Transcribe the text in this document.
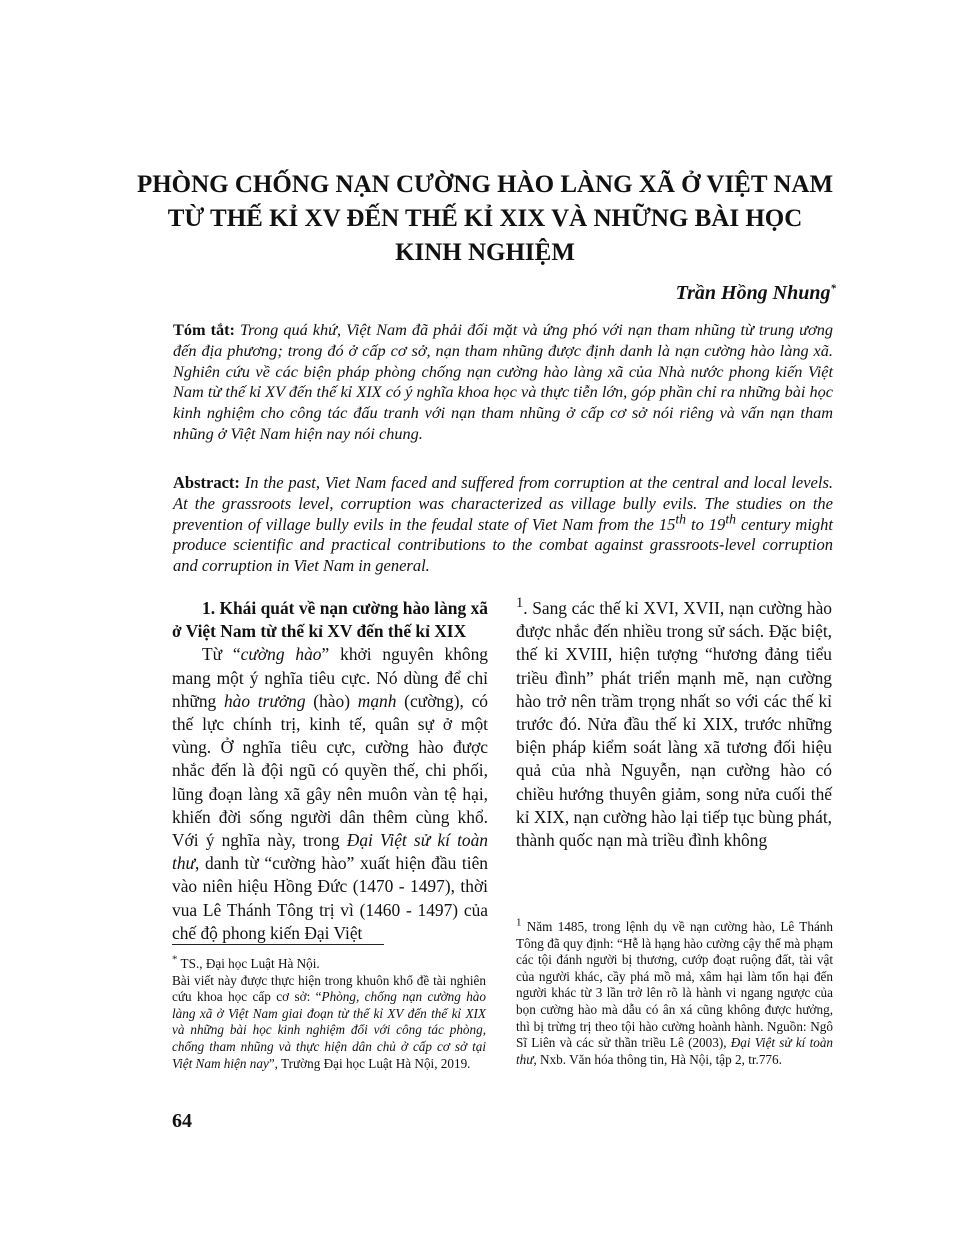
PHÒNG CHỐNG NẠN CƯỜNG HÀO LÀNG XÃ Ở VIỆT NAM
TỪ THẾ KỈ XV ĐẾN THẾ KỈ XIX VÀ NHỮNG BÀI HỌC
KINH NGHIỆM
Trần Hồng Nhung*
Tóm tắt: Trong quá khứ, Việt Nam đã phải đối mặt và ứng phó với nạn tham nhũng từ trung ương đến địa phương; trong đó ở cấp cơ sở, nạn tham nhũng được định danh là nạn cường hào làng xã. Nghiên cứu về các biện pháp phòng chống nạn cường hào làng xã của Nhà nước phong kiến Việt Nam từ thế kỉ XV đến thế kỉ XIX có ý nghĩa khoa học và thực tiễn lớn, góp phần chỉ ra những bài học kinh nghiệm cho công tác đấu tranh với nạn tham nhũng ở cấp cơ sở nói riêng và vấn nạn tham nhũng ở Việt Nam hiện nay nói chung.
Abstract: In the past, Viet Nam faced and suffered from corruption at the central and local levels. At the grassroots level, corruption was characterized as village bully evils. The studies on the prevention of village bully evils in the feudal state of Viet Nam from the 15th to 19th century might produce scientific and practical contributions to the combat against grassroots-level corruption and corruption in Viet Nam in general.

1. Khái quát về nạn cường hào làng xã ở Việt Nam từ thế kỉ XV đến thế kỉ XIX

Từ “cường hào” khởi nguyên không mang một ý nghĩa tiêu cực. Nó dùng để chỉ những hào trưởng (hào) mạnh (cường), có thế lực chính trị, kinh tế, quân sự ở một vùng. Ở nghĩa tiêu cực, cường hào được nhắc đến là đội ngũ có quyền thế, chi phối, lũng đoạn làng xã gây nên muôn vàn tệ hại, khiến đời sống người dân thêm cùng khổ. Với ý nghĩa này, trong Đại Việt sử kí toàn thư, danh từ “cường hào” xuất hiện đầu tiên vào niên hiệu Hồng Đức (1470 - 1497), thời vua Lê Thánh Tông trị vì (1460 - 1497) của chế độ phong kiến Đại Việt

$^1$. Sang các thế kỉ XVI, XVII, nạn cường hào được nhắc đến nhiều trong sử sách. Đặc biệt, thế kỉ XVIII, hiện tượng “hương đảng tiểu triều đình” phát triển mạnh mẽ, nạn cường hào trở nên trầm trọng nhất so với các thế kỉ trước đó. Nửa đầu thế kỉ XIX, trước những biện pháp kiểm soát làng xã tương đối hiệu quả của nhà Nguyễn, nạn cường hào có chiều hướng thuyên giảm, song nửa cuối thế kỉ XIX, nạn cường hào lại tiếp tục bùng phát, thành quốc nạn mà triều đình không

* TS., Đại học Luật Hà Nội.

Bài viết này được thực hiện trong khuôn khổ đề tài nghiên cứu khoa học cấp cơ sở: “Phòng, chống nạn cường hào làng xã ở Việt Nam giai đoạn từ thế kỉ XV đến thế kỉ XIX và những bài học kinh nghiệm đối với công tác phòng, chống tham nhũng và thực hiện dân chủ ở cấp cơ sở tại Việt Nam hiện nay”, Trường Đại học Luật Hà Nội, 2019.

$^1$ Năm 1485, trong lệnh dụ về nạn cường hào, Lê Thánh Tông đã quy định: “Hễ là hạng hào cường cậy thế mà phạm các tội đánh người bị thương, cướp đoạt ruộng đất, tài vật của người khác, cầy phá mồ mả, xâm hại làm tổn hại đến người khác từ 3 lần trở lên rõ là hành vi ngang ngược của bọn cường hào mà dẫu có ân xá cũng không được hưởng, thì bị trừng trị theo tội hào cường hoành hành. Nguồn: Ngô Sĩ Liên và các sử thần triều Lê (2003), Đại Việt sử kí toàn thư, Nxb. Văn hóa thông tin, Hà Nội, tập 2, tr.776.

64
